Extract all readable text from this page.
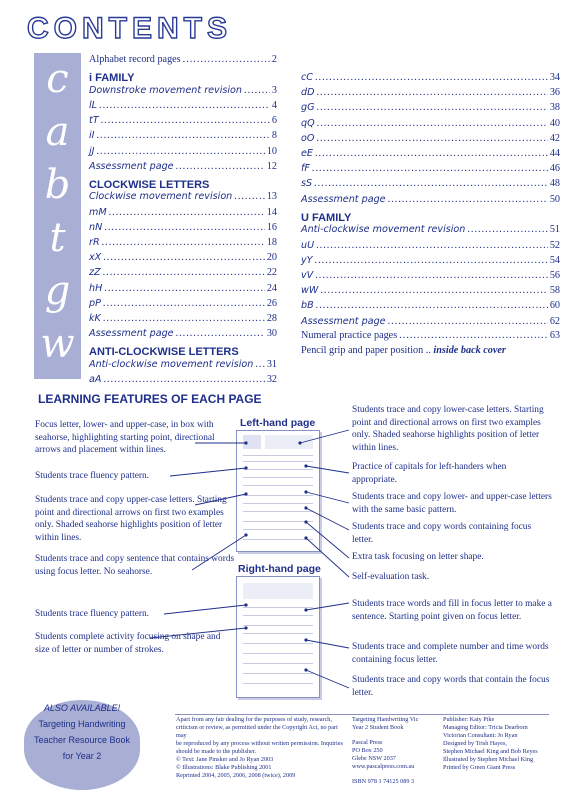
CONTENTS
c
a
b
t
g
w	Numeral practice pages .....	63
Pencil grip and paper position ..
inside back cover
LEARNING FEATURES OF EACH PAGE
Left-hand page
Right-hand page
Focus letter, lower- and upper-case, in box with seahorse, highlighting starting point, directional arrows and placement within lines.
Students trace fluency pattern.
Students trace and copy upper-case letters. Starting point and directional arrows on first two examples only. Shaded seahorse highlights position of letter within lines.
Students trace and copy sentence that contains words using focus letter. No seahorse.
Students trace fluency pattern.
Students complete activity focusing on shape and size of letter or number of strokes.
Students trace and copy lower-case letters. Starting point and directional arrows on first two examples only. Shaded seahorse highlights position of letter within lines.
Practice of capitals for left-handers when appropriate.
Students trace and copy lower- and upper-case letters with the same basic pattern.
Students trace and copy words containing focus letter.
Extra task focusing on letter shape.
Self-evaluation task.
Students trace words and fill in focus letter to make a sentence. Starting point given on focus letter.
Students trace and complete number and time words containing focus letter.
Students trace and copy words that contain the focus letter.
ALSO AVAILABLE!
Targeting Handwriting
Teacher Resource Book
for Year 2
Apart from any fair dealing for the purposes of study, research,
criticism or review, as permitted under the Copyright Act, no part may
be reproduced by any process without written permission. Inquiries
should be made to the publisher.
© Text: Jane Pinsker and Jo Ryan 2003
© Illustrations: Blake Publishing 2001
Reprinted 2004, 2005, 2006, 2008 (twice), 2009
Targeting Handwriting Vic
Year 2 Student Book
Pascal Press
PO Box 250
Glebe NSW 2037
www.pascalpress.com.au
ISBN 978 1 74125 089 3
Publisher: Katy Pike
Managing Editor: Tricia Dearborn
Victorian Consultant: Jo Ryan
Designed by Trish Hayes,
Stephen Michael King and Bob Reyes
Illustrated by Stephen Michael King
Printed by Green Giant Press
Alphabet record pages .....	2
i FAMILY
Downstroke movement revision .....	3
lL .....	4
tT .....	6
iI .....	8
jJ .....	10
Assessment page .....	12
CLOCKWISE LETTERS
Clockwise movement revision .....	13
mM .....	14
nN .....	16
rR .....	18
xX .....	20
zZ .....	22
hH .....	24
pP .....	26
kK .....	28
Assessment page .....	30
ANTI-CLOCKWISE LETTERS
Anti-clockwise movement revision ..... 31
aA .....	32
cC .....	34
dD .....	36
gG .....	38
qQ .....	40
oO .....	42
eE .....	44
fF .....	46
sS .....	48
Assessment page .....	50
U FAMILY
Anti-clockwise movement revision .....	51
uU .....	52
yY .....	54
vV .....	56
wW .....	58
bB .....	60
Assessment page .....	62
